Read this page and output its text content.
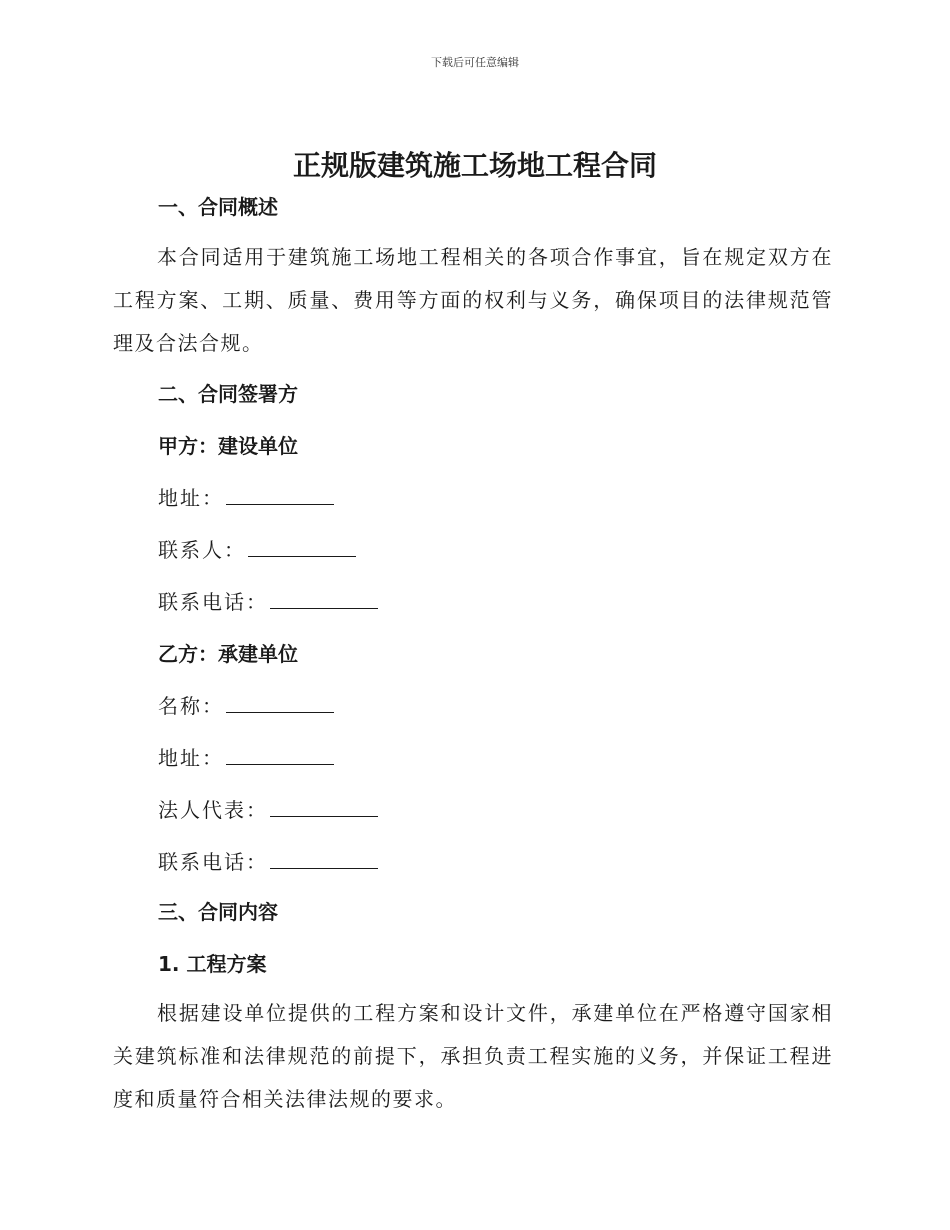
下载后可任意编辑
正规版建筑施工场地工程合同
一、合同概述
本合同适用于建筑施工场地工程相关的各项合作事宜，旨在规定双方在工程方案、工期、质量、费用等方面的权利与义务，确保项目的法律规范管理及合法合规。
二、合同签署方
甲方：建设单位
地址：
联系人：
联系电话：
乙方：承建单位
名称：
地址：
法人代表：
联系电话：
三、合同内容
1. 工程方案
根据建设单位提供的工程方案和设计文件，承建单位在严格遵守国家相关建筑标准和法律规范的前提下，承担负责工程实施的义务，并保证工程进度和质量符合相关法律法规的要求。
